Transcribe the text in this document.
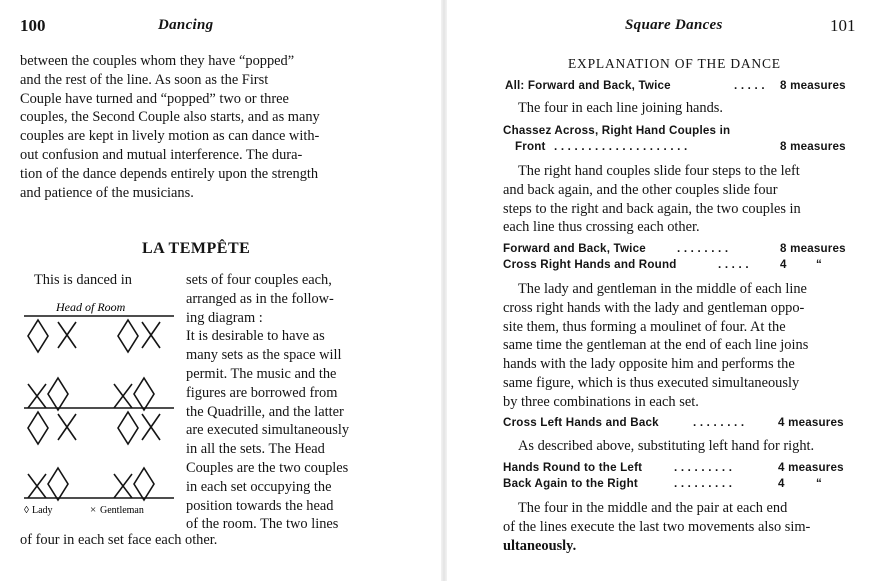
100	Dancing
between the couples whom they have “popped”
and the rest of the line. As soon as the First
Couple have turned and “popped” two or three
couples, the Second Couple also starts, and as many
couples are kept in lively motion as can dance with-
out confusion and mutual interference. The dura-
tion of the dance depends entirely upon the strength
and patience of the musicians.
LA TEMPÊTE
This is danced in	sets of four couples each,
arranged as in the follow-
ing diagram :
It is desirable to have as
many sets as the space will
permit. The music and the
figures are borrowed from
the Quadrille, and the latter
are executed simultaneously
in all the sets. The Head
Couples are the two couples
in each set occupying the
position towards the head
of the room. The two lines
Head of Room
◊ Lady	× Gentleman
of four in each set face each other.
Square Dances	101
EXPLANATION OF THE DANCE
All: Forward and Back, Twice	. . . . . 8 measures
The four in each line joining hands.
Chassez Across, Right Hand Couples in
Front . . . . . . . . . . . . . . . . . . . .	8 measures
The right hand couples slide four steps to the left
and back again, and the other couples slide four
steps to the right and back again, the two couples in
each line thus crossing each other.
Forward and Back, Twice	. . . . . . . .	8 measures
Cross Right Hands and Round	. . . . .	4	“
The lady and gentleman in the middle of each line
cross right hands with the lady and gentleman oppo-
site them, thus forming a moulinet of four. At the
same time the gentleman at the end of each line joins
hands with the lady opposite him and performs the
same figure, which is thus executed simultaneously
by three combinations in each set.
Cross Left Hands and Back	. . . . . . . .	4 measures
As described above, substituting left hand for right.
Hands Round to the Left	. . . . . . . . .	4 measures
Back Again to the Right	. . . . . . . . .	4	“
The four in the middle and the pair at each end
of the lines execute the last two movements also sim-
ultaneously.
